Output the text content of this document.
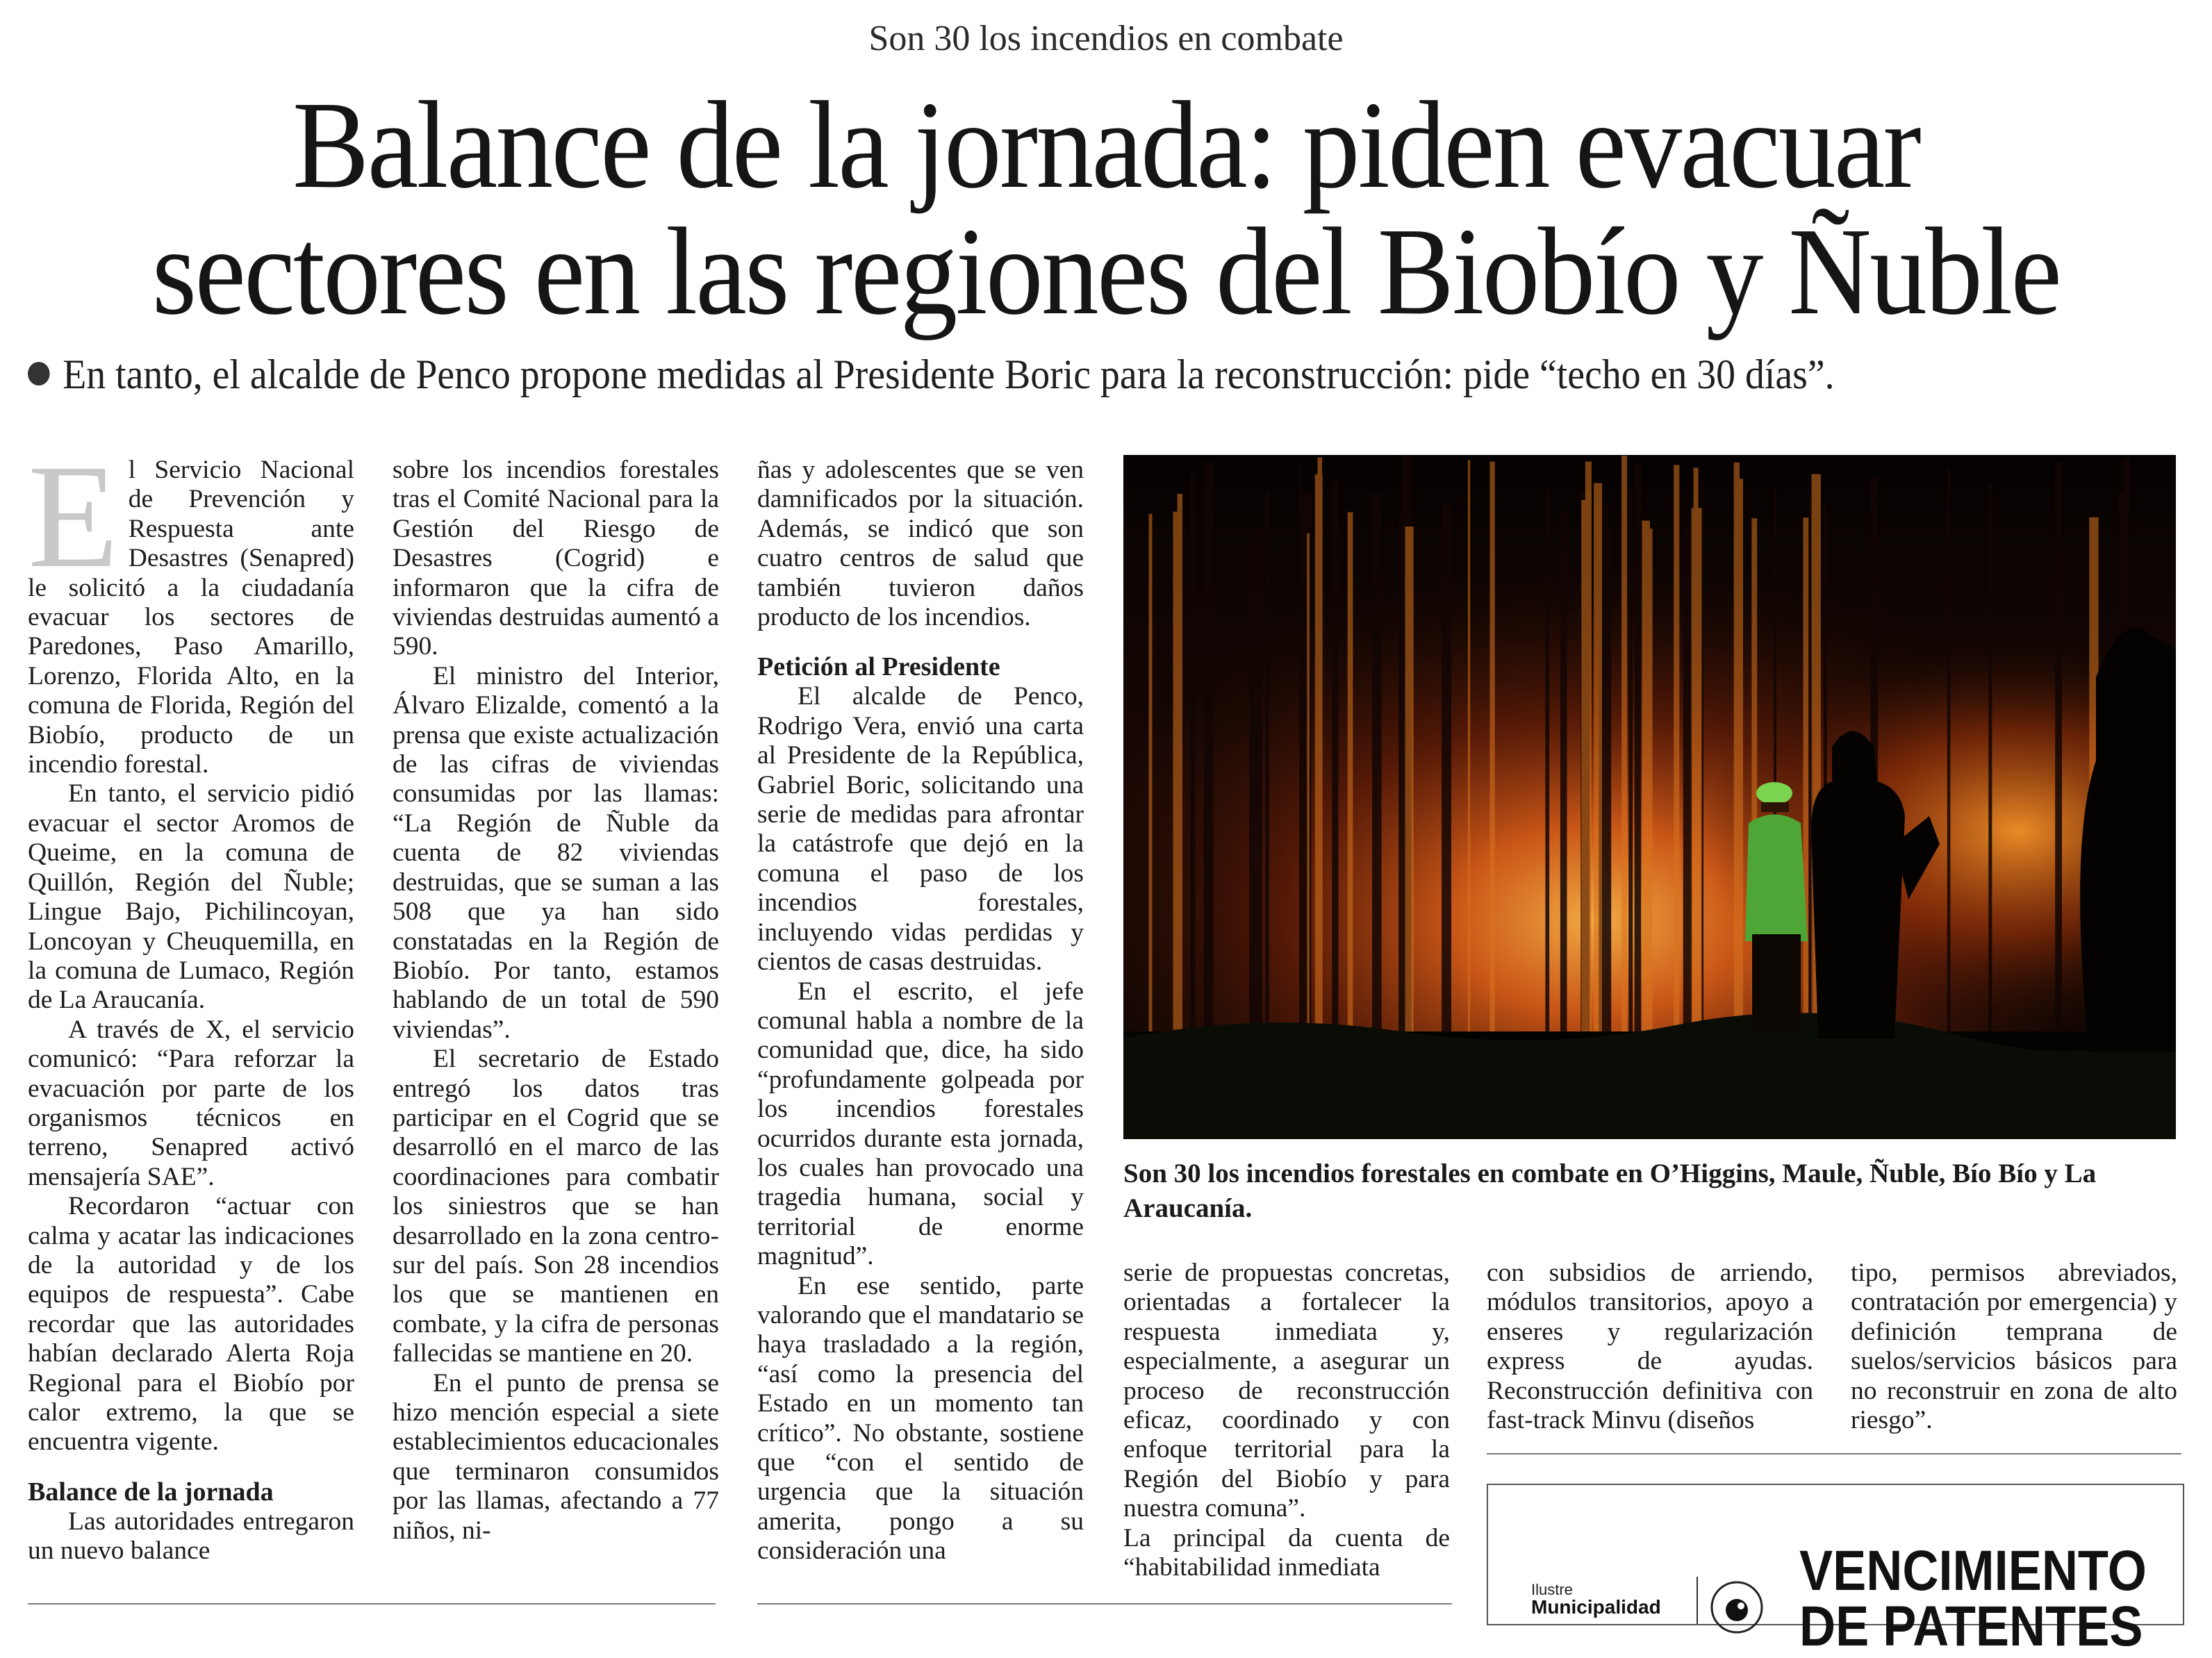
Son 30 los incendios en combate
Balance de la jornada: piden evacuar
sectores en las regiones del Biobío y Ñuble
En tanto, el alcalde de Penco propone medidas al Presidente Boric para la reconstrucción: pide “techo en 30 días”.

El Servicio Nacional de Prevención y Respuesta ante Desastres (Senapred) le solicitó a la ciudadanía evacuar los sectores de Paredones, Paso Amarillo, Lorenzo, Florida Alto, en la comuna de Florida, Región del Biobío, producto de un incendio forestal.

En tanto, el servicio pidió evacuar el sector Aromos de Queime, en la comuna de Quillón, Región del Ñuble; Lingue Bajo, Pichilincoyan, Loncoyan y Cheuquemilla, en la comuna de Lumaco, Región de La Araucanía.

A través de X, el servicio comunicó: “Para reforzar la evacuación por parte de los organismos técnicos en terreno, Senapred activó mensajería SAE”.

Recordaron “actuar con calma y acatar las indicaciones de la autoridad y de los equipos de respuesta”. Cabe recordar que las autoridades habían declarado Alerta Roja Regional para el Biobío por calor extremo, la que se encuentra vigente.

Balance de la jornada

Las autoridades entregaron un nuevo balance

sobre los incendios forestales tras el Comité Nacional para la Gestión del Riesgo de Desastres (Cogrid) e informaron que la cifra de viviendas destruidas aumentó a 590.

El ministro del Interior, Álvaro Elizalde, comentó a la prensa que existe actualización de las cifras de viviendas consumidas por las llamas: “La Región de Ñuble da cuenta de 82 viviendas destruidas, que se suman a las 508 que ya han sido constatadas en la Región de Biobío. Por tanto, estamos hablando de un total de 590 viviendas”.

El secretario de Estado entregó los datos tras participar en el Cogrid que se desarrolló en el marco de las coordinaciones para combatir los siniestros que se han desarrollado en la zona centro-sur del país. Son 28 incendios los que se mantienen en combate, y la cifra de personas fallecidas se mantiene en 20.

En el punto de prensa se hizo mención especial a siete establecimientos educacionales que terminaron consumidos por las llamas, afectando a 77 niños, ni-

ñas y adolescentes que se ven damnificados por la situación. Además, se indicó que son cuatro centros de salud que también tuvieron daños producto de los incendios.

Petición al Presidente

El alcalde de Penco, Rodrigo Vera, envió una carta al Presidente de la República, Gabriel Boric, solicitando una serie de medidas para afrontar la catástrofe que dejó en la comuna el paso de los incendios forestales, incluyendo vidas perdidas y cientos de casas destruidas.

En el escrito, el jefe comunal habla a nombre de la comunidad que, dice, ha sido “profundamente golpeada por los incendios forestales ocurridos durante esta jornada, los cuales han provocado una tragedia humana, social y territorial de enorme magnitud”.

En ese sentido, parte valorando que el mandatario se haya trasladado a la región, “así como la presencia del Estado en un momento tan crítico”. No obstante, sostiene que “con el sentido de urgencia que la situación amerita, pongo a su consideración una

Son 30 los incendios forestales en combate en O’Higgins, Maule, Ñuble, Bío Bío y La Araucanía.

serie de propuestas concretas, orientadas a fortalecer la respuesta inmediata y, especialmente, a asegurar un proceso de reconstrucción eficaz, coordinado y con enfoque territorial para la Región del Biobío y para nuestra comuna”.

La principal da cuenta de “habitabilidad inmediata

con subsidios de arriendo, módulos transitorios, apoyo a enseres y regularización express de ayudas. Reconstrucción definitiva con fast-track Minvu (diseños

tipo, permisos abreviados, contratación por emergencia) y definición temprana de suelos/servicios básicos para no reconstruir en zona de alto riesgo”.

Ilustre
Municipalidad
VENCIMIENTO
DE PATENTES
